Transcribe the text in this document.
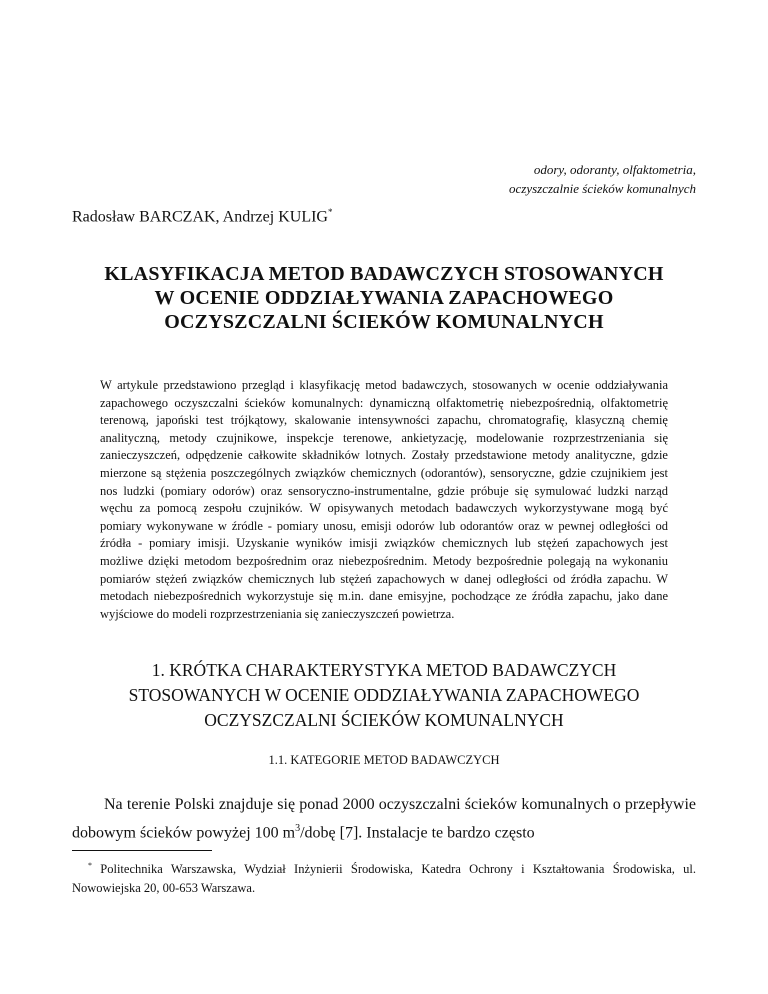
odory, odoranty, olfaktometria,
oczyszczalnie ścieków komunalnych
Radosław BARCZAK, Andrzej KULIG*
KLASYFIKACJA METOD BADAWCZYCH STOSOWANYCH
W OCENIE ODDZIAŁYWANIA ZAPACHOWEGO
OCZYSZCZALNI ŚCIEKÓW KOMUNALNYCH
W artykule przedstawiono przegląd i klasyfikację metod badawczych, stosowanych w ocenie oddziaływania zapachowego oczyszczalni ścieków komunalnych: dynamiczną olfaktometrię niebezpośrednią, olfaktometrię terenową, japoński test trójkątowy, skalowanie intensywności zapachu, chromatografię, klasyczną chemię analityczną, metody czujnikowe, inspekcje terenowe, ankietyzację, modelowanie rozprzestrzeniania się zanieczyszczeń, odpędzenie całkowite składników lotnych. Zostały przedstawione metody analityczne, gdzie mierzone są stężenia poszczególnych związków chemicznych (odorantów), sensoryczne, gdzie czujnikiem jest nos ludzki (pomiary odorów) oraz sensoryczno-instrumentalne, gdzie próbuje się symulować ludzki narząd węchu za pomocą zespołu czujników. W opisywanych metodach badawczych wykorzystywane mogą być pomiary wykonywane w źródle - pomiary unosu, emisji odorów lub odorantów oraz w pewnej odległości od źródła - pomiary imisji. Uzyskanie wyników imisji związków chemicznych lub stężeń zapachowych jest możliwe dzięki metodom bezpośrednim oraz niebezpośrednim. Metody bezpośrednie polegają na wykonaniu pomiarów stężeń związków chemicznych lub stężeń zapachowych w danej odległości od źródła zapachu. W metodach niebezpośrednich wykorzystuje się m.in. dane emisyjne, pochodzące ze źródła zapachu, jako dane wyjściowe do modeli rozprzestrzeniania się zanieczyszczeń powietrza.
1. KRÓTKA CHARAKTERYSTYKA METOD BADAWCZYCH
STOSOWANYCH W OCENIE ODDZIAŁYWANIA ZAPACHOWEGO
OCZYSZCZALNI ŚCIEKÓW KOMUNALNYCH
1.1. KATEGORIE METOD BADAWCZYCH

Na terenie Polski znajduje się ponad 2000 oczyszczalni ścieków komunalnych o przepływie dobowym ścieków powyżej 100 $m^3$/dobę [7]. Instalacje te bardzo często

* Politechnika Warszawska, Wydział Inżynierii Środowiska, Katedra Ochrony i Kształtowania Środowiska, ul. Nowowiejska 20, 00-653 Warszawa.
